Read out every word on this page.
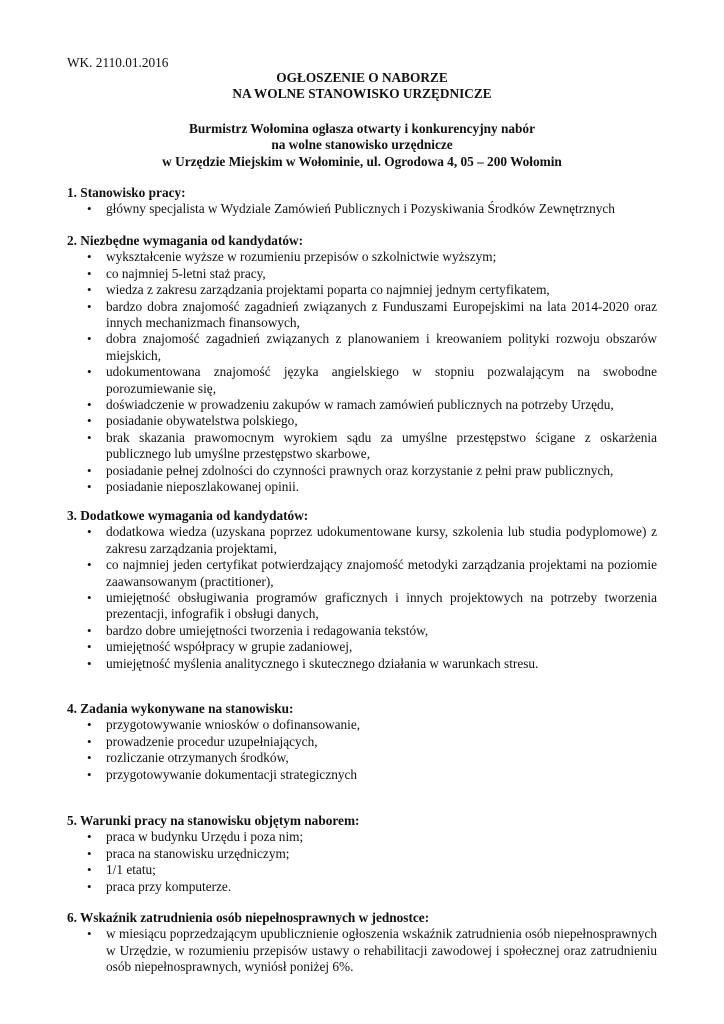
WK. 2110.01.2016
OGŁOSZENIE O NABORZE
NA WOLNE STANOWISKO URZĘDNICZE
Burmistrz Wołomina ogłasza otwarty i konkurencyjny nabór
na wolne stanowisko urzędnicze
w Urzędzie Miejskim w Wołominie, ul. Ogrodowa 4, 05 – 200 Wołomin
1. Stanowisko pracy:
• główny specjalista w Wydziale Zamówień Publicznych i Pozyskiwania Środków Zewnętrznych
2. Niezbędne wymagania od kandydatów:
• wykształcenie wyższe w rozumieniu przepisów o szkolnictwie wyższym;
• co najmniej 5-letni staż pracy,
• wiedza z zakresu zarządzania projektami poparta co najmniej jednym certyfikatem,
• bardzo dobra znajomość zagadnień związanych z Funduszami Europejskimi na lata 2014-2020 oraz innych mechanizmach finansowych,
• dobra znajomość zagadnień związanych z planowaniem i kreowaniem polityki rozwoju obszarów miejskich,
• udokumentowana znajomość języka angielskiego w stopniu pozwalającym na swobodne porozumiewanie się,
• doświadczenie w prowadzeniu zakupów w ramach zamówień publicznych na potrzeby Urzędu,
• posiadanie obywatelstwa polskiego,
• brak skazania prawomocnym wyrokiem sądu za umyślne przestępstwo ścigane z oskarżenia publicznego lub umyślne przestępstwo skarbowe,
• posiadanie pełnej zdolności do czynności prawnych oraz korzystanie z pełni praw publicznych,
• posiadanie nieposzlakowanej opinii.
3. Dodatkowe wymagania od kandydatów:
• dodatkowa wiedza (uzyskana poprzez udokumentowane kursy, szkolenia lub studia podyplomowe) z zakresu zarządzania projektami,
• co najmniej jeden certyfikat potwierdzający znajomość metodyki zarządzania projektami na poziomie zaawansowanym (practitioner),
• umiejętność obsługiwania programów graficznych i innych projektowych na potrzeby tworzenia prezentacji, infografik i obsługi danych,
• bardzo dobre umiejętności tworzenia i redagowania tekstów,
• umiejętność współpracy w grupie zadaniowej,
• umiejętność myślenia analitycznego i skutecznego działania w warunkach stresu.
4. Zadania wykonywane na stanowisku:
• przygotowywanie wniosków o dofinansowanie,
• prowadzenie procedur uzupełniających,
• rozliczanie otrzymanych środków,
• przygotowywanie dokumentacji strategicznych
5. Warunki pracy na stanowisku objętym naborem:
• praca w budynku Urzędu i poza nim;
• praca na stanowisku urzędniczym;
• 1/1 etatu;
• praca przy komputerze.
6. Wskaźnik zatrudnienia osób niepełnosprawnych w jednostce:
• w miesiącu poprzedzającym upublicznienie ogłoszenia wskaźnik zatrudnienia osób niepełnosprawnych w Urzędzie, w rozumieniu przepisów ustawy o rehabilitacji zawodowej i społecznej oraz zatrudnieniu osób niepełnosprawnych, wyniósł poniżej 6%.
